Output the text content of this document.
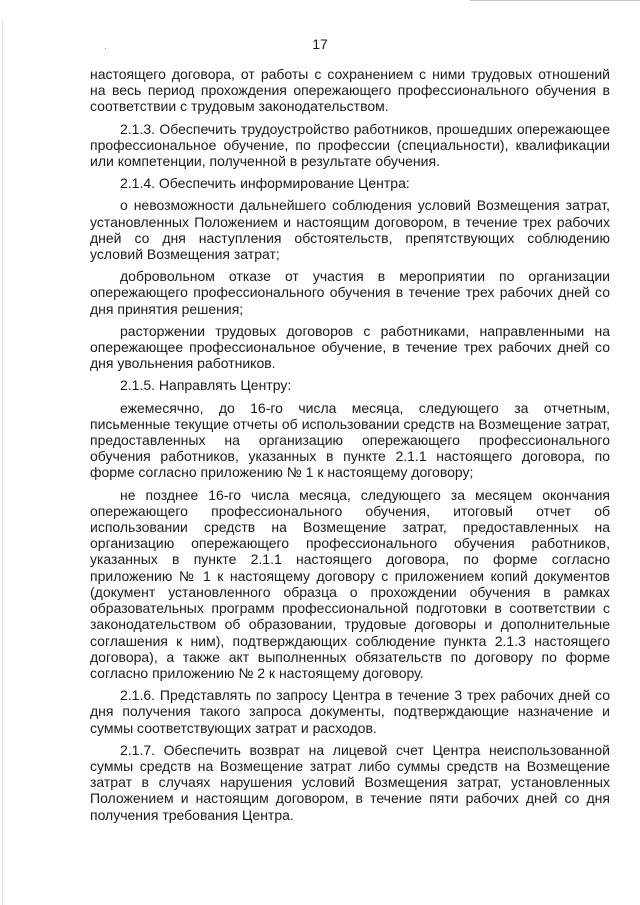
17
·

настоящего договора, от работы с сохранением с ними трудовых отношений на весь период прохождения опережающего профессионального обучения в соответствии с трудовым законодательством.

2.1.3. Обеспечить трудоустройство работников, прошедших опережающее профессиональное обучение, по профессии (специальности), квалификации или компетенции, полученной в результате обучения.

2.1.4. Обеспечить информирование Центра:

о невозможности дальнейшего соблюдения условий Возмещения затрат, установленных Положением и настоящим договором, в течение трех рабочих дней со дня наступления обстоятельств, препятствующих соблюдению условий Возмещения затрат;

добровольном отказе от участия в мероприятии по организации опережающего профессионального обучения в течение трех рабочих дней со дня принятия решения;

расторжении трудовых договоров с работниками, направленными на опережающее профессиональное обучение, в течение трех рабочих дней со дня увольнения работников.

2.1.5. Направлять Центру:

ежемесячно, до 16-го числа месяца, следующего за отчетным, письменные текущие отчеты об использовании средств на Возмещение затрат, предоставленных на организацию опережающего профессионального обучения работников, указанных в пункте 2.1.1 настоящего договора, по форме согласно приложению № 1 к настоящему договору;

не позднее 16-го числа месяца, следующего за месяцем окончания опережающего профессионального обучения, итоговый отчет об использовании средств на Возмещение затрат, предоставленных на организацию опережающего профессионального обучения работников, указанных в пункте 2.1.1 настоящего договора, по форме согласно приложению № 1 к настоящему договору с приложением копий документов (документ установленного образца о прохождении обучения в рамках образовательных программ профессиональной подготовки в соответствии с законодательством об образовании, трудовые договоры и дополнительные соглашения к ним), подтверждающих соблюдение пункта 2.1.3 настоящего договора), а также акт выполненных обязательств по договору по форме согласно приложению № 2 к настоящему договору.

2.1.6. Представлять по запросу Центра в течение 3 трех рабочих дней со дня получения такого запроса документы, подтверждающие назначение и суммы соответствующих затрат и расходов.

2.1.7. Обеспечить возврат на лицевой счет Центра неиспользованной суммы средств на Возмещение затрат либо суммы средств на Возмещение затрат в случаях нарушения условий Возмещения затрат, установленных Положением и настоящим договором, в течение пяти рабочих дней со дня получения требования Центра.
